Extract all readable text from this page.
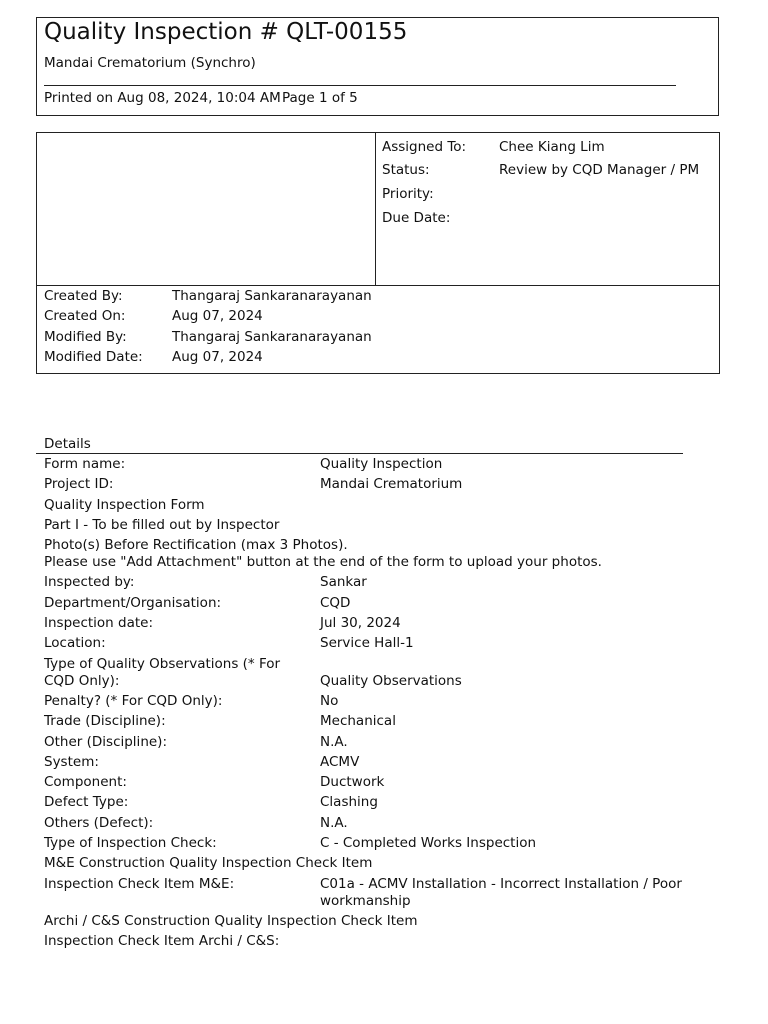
Quality Inspection # QLT-00155
Mandai Crematorium (Synchro)
Printed on Aug 08, 2024, 10:04 AM Page 1 of 5
Assigned To: Chee Kiang Lim
Status:	Review by CQD Manager / PM
Priority:
Due Date:
Created By:	Thangaraj Sankaranarayanan
Created On:	Aug 07, 2024
Modified By:	Thangaraj Sankaranarayanan
Modified Date: Aug 07, 2024
Details
Form name:	Quality Inspection
Project ID:	Mandai Crematorium
Quality Inspection Form
Part I - To be filled out by Inspector
Photo(s) Before Rectification (max 3 Photos).
Please use "Add Attachment" button at the end of the form to upload your photos.
Inspected by:	Sankar
Department/Organisation:	CQD
Inspection date:	Jul 30, 2024
Location:	Service Hall-1
Type of Quality Observations (* For
CQD Only):	Quality Observations
Penalty? (* For CQD Only):	No
Trade (Discipline):	Mechanical
Other (Discipline):	N.A.
System:	ACMV
Component:	Ductwork
Defect Type:	Clashing
Others (Defect):	N.A.
Type of Inspection Check:	C - Completed Works Inspection
M&E Construction Quality Inspection Check Item
Inspection Check Item M&E:	C01a - ACMV Installation - Incorrect Installation / Poor
workmanship
Archi / C&S Construction Quality Inspection Check Item
Inspection Check Item Archi / C&S:
